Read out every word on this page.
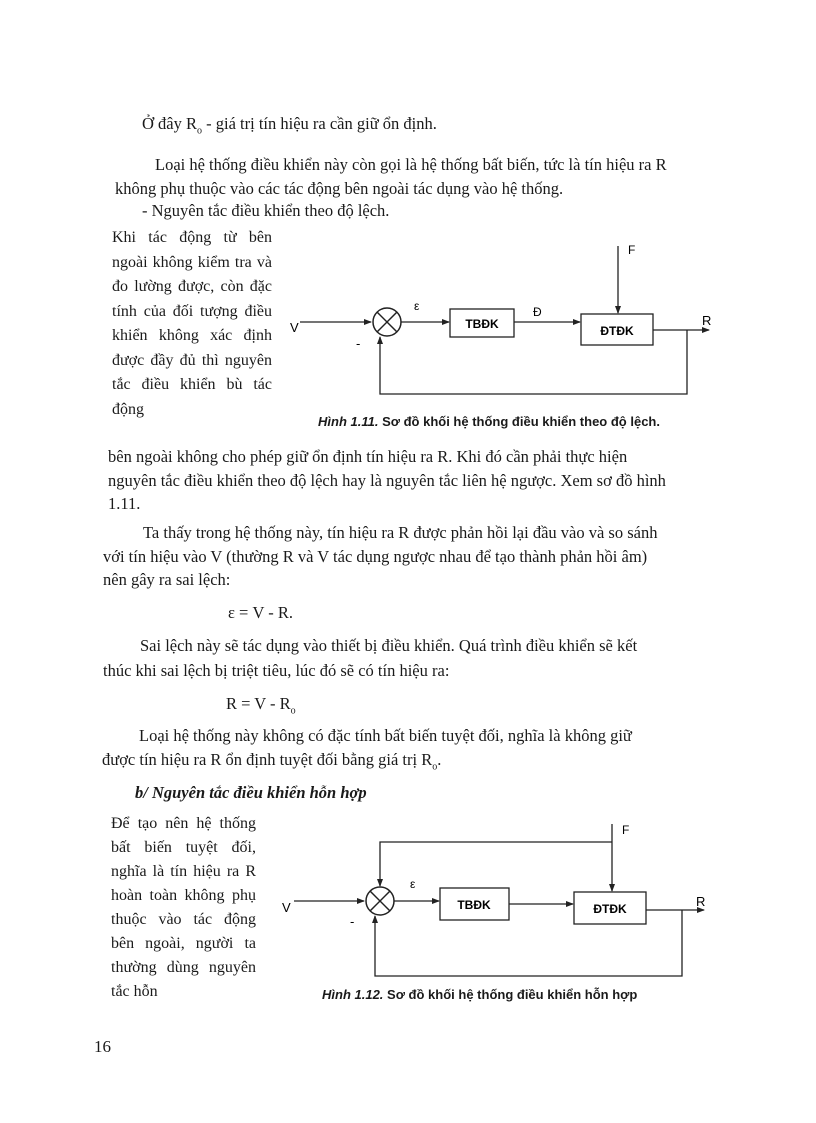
Ở đây $R_o$ - giá trị tín hiệu ra cần giữ ổn định.

Loại hệ thống điều khiển này còn gọi là hệ thống bất biến, tức là tín hiệu ra R

không phụ thuộc vào các tác động bên ngoài tác dụng vào hệ thống.

- Nguyên tắc điều khiển theo độ lệch.

Khi tác động từ bên ngoài không kiểm tra và đo lường được, còn đặc tính của đối tượng điều khiển không xác định được đầy đủ thì nguyên tắc điều khiển bù tác động
V
-
ε
TBĐK
Đ
ĐTĐK
F
R
Hình 1.11. Sơ đồ khối hệ thống điều khiển theo độ lệch.

bên ngoài không cho phép giữ ổn định tín hiệu ra R. Khi đó cần phải thực hiện

nguyên tắc điều khiển theo độ lệch hay là nguyên tắc liên hệ ngược. Xem sơ đồ hình

1.11.

Ta thấy trong hệ thống này, tín hiệu ra R được phản hồi lại đầu vào và so sánh

với tín hiệu vào V (thường R và V tác dụng ngược nhau để tạo thành phản hồi âm)

nên gây ra sai lệch:

ε = V - R.

Sai lệch này sẽ tác dụng vào thiết bị điều khiển. Quá trình điều khiển sẽ kết

thúc khi sai lệch bị triệt tiêu, lúc đó sẽ có tín hiệu ra:

$R = V - R_o$

Loại hệ thống này không có đặc tính bất biến tuyệt đối, nghĩa là không giữ

được tín hiệu ra R ổn định tuyệt đối bằng giá trị $R_o$.

b/ Nguyên tắc điều khiển hỗn hợp
Để tạo nên hệ thống bất biến tuyệt đối, nghĩa là tín hiệu ra R hoàn toàn không phụ thuộc vào tác động bên ngoài, người ta thường dùng nguyên tắc hỗn
V
-
ε
TBĐK	ĐTĐK
F
R
Hình 1.12. Sơ đồ khối hệ thống điều khiển hỗn hợp
16
